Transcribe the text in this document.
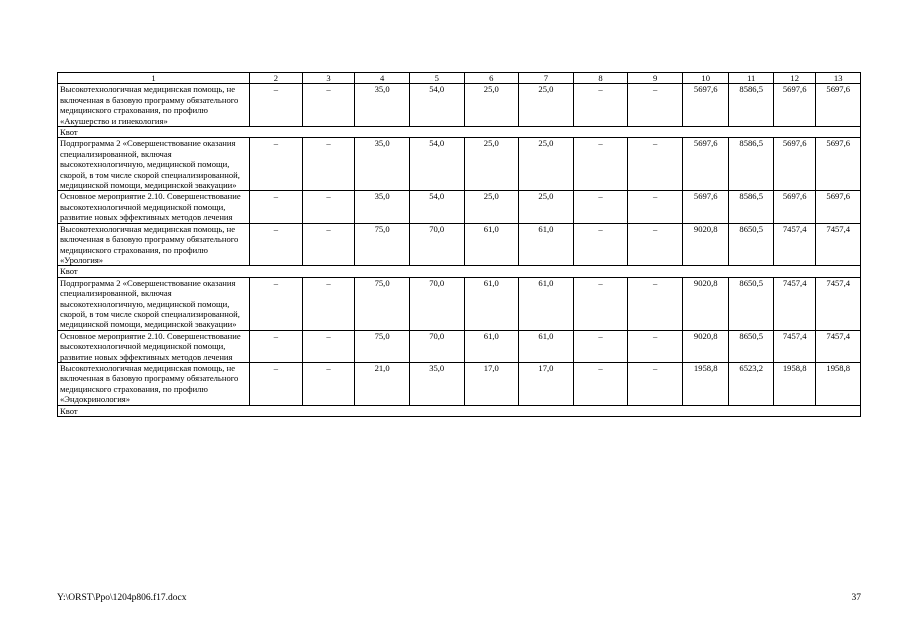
1	2	3	4	5	6	7	8	9	10	11	12	13
Высокотехнологичная медицинская помощь, не включенная в базовую программу обязательного медицинского страхования, по профилю «Акушерство и гинекология»	–	–	35,0	54,0	25,0	25,0	–	–	5697,6	8586,5	5697,6	5697,6
Квот												
Подпрограмма 2 «Совершенствование оказания специализированной, включая высокотехнологичную, медицинской помощи, скорой, в том числе скорой специализированной, медицинской помощи, медицинской эвакуации»	–	–	35,0	54,0	25,0	25,0	–	–	5697,6	8586,5	5697,6	5697,6
Основное мероприятие 2.10. Совершенствование высокотехнологичной медицинской помощи, развитие новых эффективных методов лечения	–	–	35,0	54,0	25,0	25,0	–	–	5697,6	8586,5	5697,6	5697,6
Высокотехнологичная медицинская помощь, не включенная в базовую программу обязательного медицинского страхования, по профилю «Урология»	–	–	75,0	70,0	61,0	61,0	–	–	9020,8	8650,5	7457,4	7457,4
Квот												
Подпрограмма 2 «Совершенствование оказания специализированной, включая высокотехнологичную, медицинской помощи, скорой, в том числе скорой специализированной, медицинской помощи, медицинской эвакуации»	–	–	75,0	70,0	61,0	61,0	–	–	9020,8	8650,5	7457,4	7457,4
Основное мероприятие 2.10. Совершенствование высокотехнологичной медицинской помощи, развитие новых эффективных методов лечения	–	–	75,0	70,0	61,0	61,0	–	–	9020,8	8650,5	7457,4	7457,4
Высокотехнологичная медицинская помощь, не включенная в базовую программу обязательного медицинского страхования, по профилю «Эндокринология»	–	–	21,0	35,0	17,0	17,0	–	–	1958,8	6523,2	1958,8	1958,8
Квот												
Y:\ORST\Ppo\1204p806.f17.docx	37
